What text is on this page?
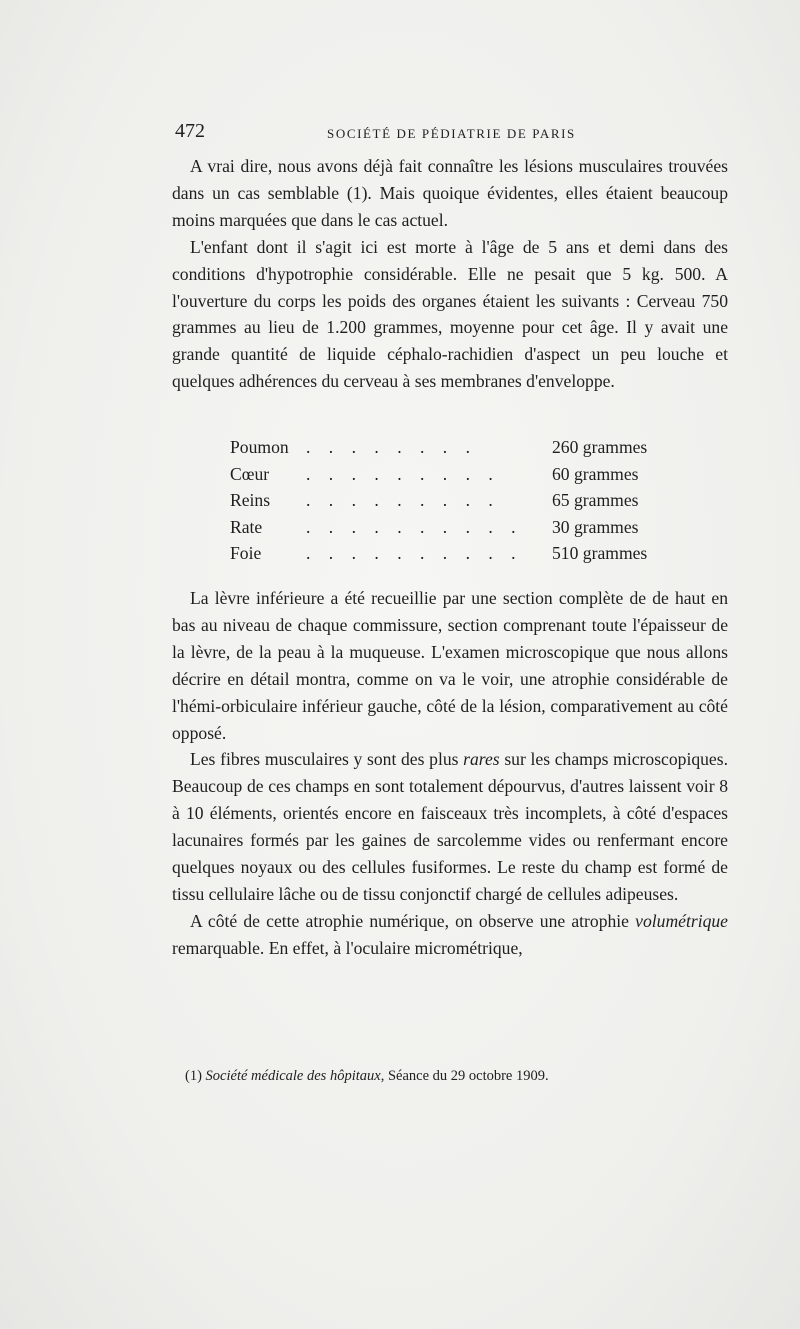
472	SOCIÉTÉ DE PÉDIATRIE DE PARIS

A vrai dire, nous avons déjà fait connaître les lésions musculaires trouvées dans un cas semblable (1). Mais quoique évidentes, elles étaient beaucoup moins marquées que dans le cas actuel.

L'enfant dont il s'agit ici est morte à l'âge de 5 ans et demi dans des conditions d'hypotrophie considérable. Elle ne pesait que 5 kg. 500. A l'ouverture du corps les poids des organes étaient les suivants : Cerveau 750 grammes au lieu de 1.200 grammes, moyenne pour cet âge. Il y avait une grande quantité de liquide céphalo-rachidien d'aspect un peu louche et quelques adhérences du cerveau à ses membranes d'enveloppe.

Poumon . . . . . . . .	260 grammes
Cœur . . . . . . . . .	60 grammes
Reins . . . . . . . . .	65 grammes
Rate . . . . . . . . . .	30 grammes
Foie	. . . . . . . . . .	510 grammes

La lèvre inférieure a été recueillie par une section complète de de haut en bas au niveau de chaque commissure, section comprenant toute l'épaisseur de la lèvre, de la peau à la muqueuse. L'examen microscopique que nous allons décrire en détail montra, comme on va le voir, une atrophie considérable de l'hémi-orbiculaire inférieur gauche, côté de la lésion, comparativement au côté opposé.

Les fibres musculaires y sont des plus rares sur les champs microscopiques. Beaucoup de ces champs en sont totalement dépourvus, d'autres laissent voir 8 à 10 éléments, orientés encore en faisceaux très incomplets, à côté d'espaces lacunaires formés par les gaines de sarcolemme vides ou renfermant encore quelques noyaux ou des cellules fusiformes. Le reste du champ est formé de tissu cellulaire lâche ou de tissu conjonctif chargé de cellules adipeuses.

A côté de cette atrophie numérique, on observe une atrophie volumétrique remarquable. En effet, à l'oculaire micrométrique,

(1) Société médicale des hôpitaux, Séance du 29 octobre 1909.
